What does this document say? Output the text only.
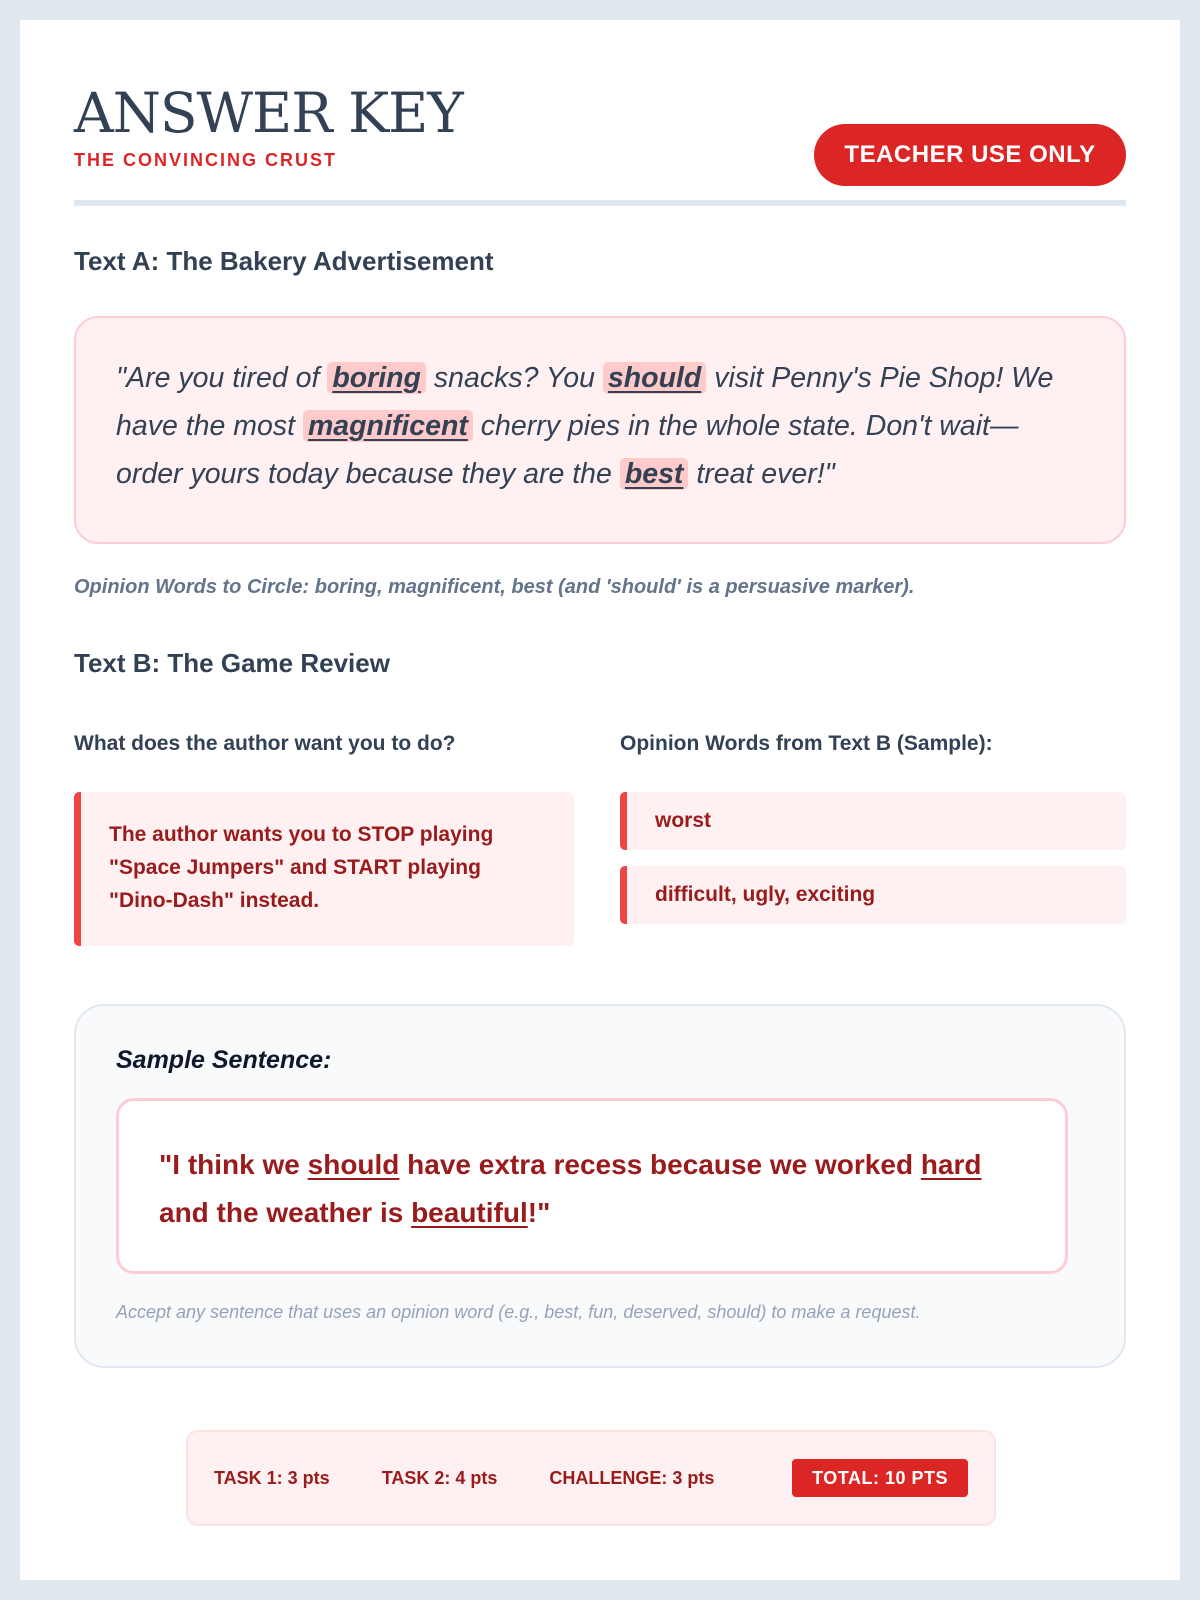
ANSWER KEY
THE CONVINCING CRUST	TEACHER USE ONLY
Text A: The Bakery Advertisement
"Are you tired of boring snacks? You should visit Penny's Pie Shop! We have the most magnificent cherry pies in the whole state. Don't wait—order yours today because they are the best treat ever!"
Opinion Words to Circle: boring, magnificent, best (and 'should' is a persuasive marker).
Text B: The Game Review
What does the author want you to do?	Opinion Words from Text B (Sample):
The author wants you to STOP playing "Space Jumpers" and START playing "Dino-Dash" instead.
worst
difficult, ugly, exciting
Sample Sentence:
"I think we should have extra recess because we worked hard and the weather is beautiful!"
Accept any sentence that uses an opinion word (e.g., best, fun, deserved, should) to make a request.
TASK 1: 3 pts	TASK 2: 4 pts	CHALLENGE: 3 pts	TOTAL: 10 PTS
